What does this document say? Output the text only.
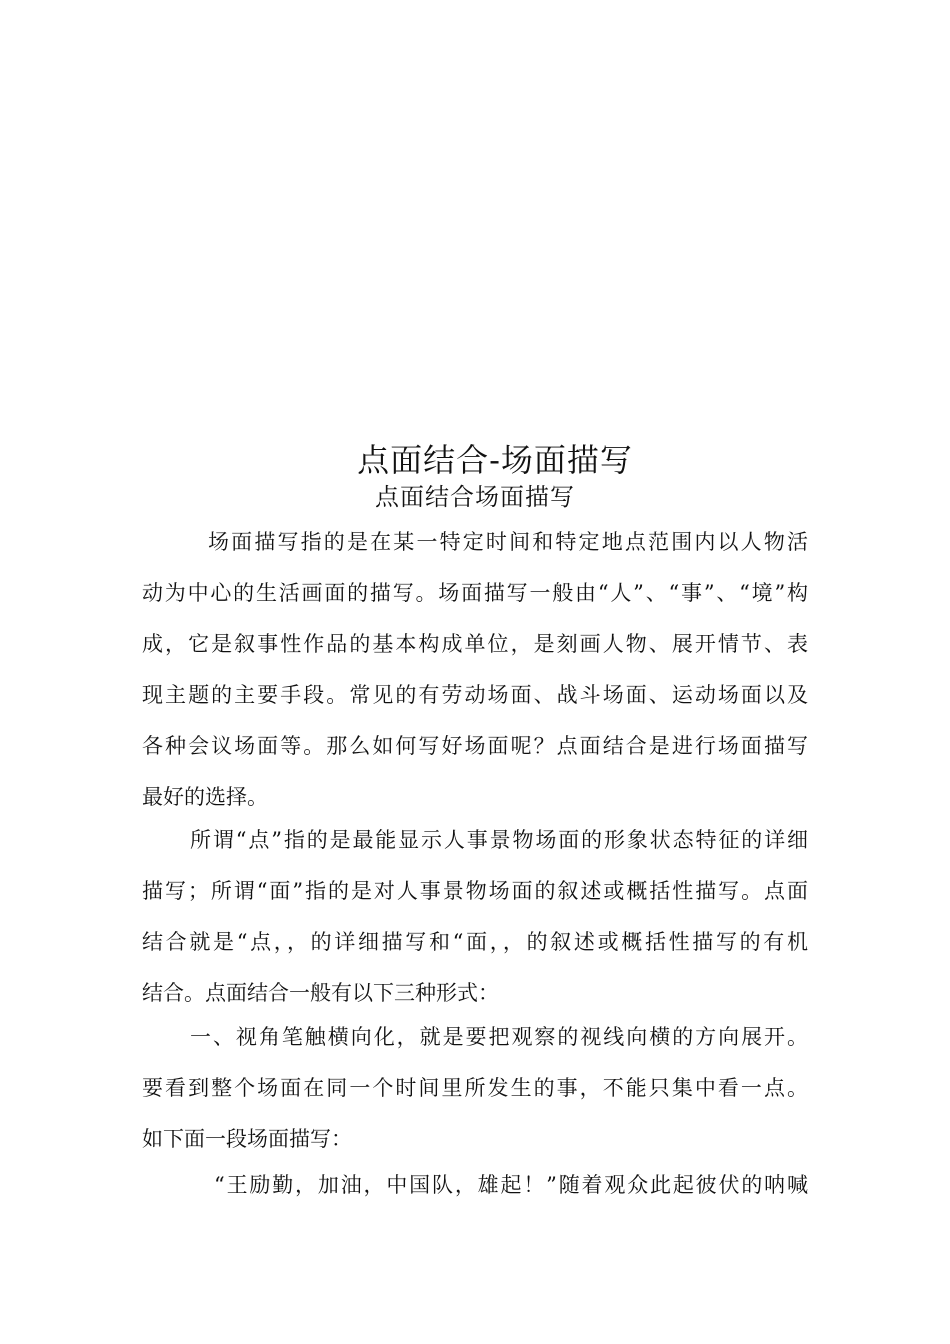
点面结合-场面描写
点面结合场面描写
场面描写指的是在某一特定时间和特定地点范围内以人物活
动为中心的生活画面的描写。场面描写一般由“人”、“事”、“境”构
成，它是叙事性作品的基本构成单位，是刻画人物、展开情节、表
现主题的主要手段。常见的有劳动场面、战斗场面、运动场面以及
各种会议场面等。那么如何写好场面呢？点面结合是进行场面描写
最好的选择。
所谓“点”指的是最能显示人事景物场面的形象状态特征的详细
描写；所谓“面”指的是对人事景物场面的叙述或概括性描写。点面
结合就是“点，，的详细描写和“面，，的叙述或概括性描写的有机
结合。点面结合一般有以下三种形式：
一、视角笔触横向化，就是要把观察的视线向横的方向展开。
要看到整个场面在同一个时间里所发生的事，不能只集中看一点。
如下面一段场面描写：
“王励勤，加油，中国队，雄起！”随着观众此起彼伏的呐喊
